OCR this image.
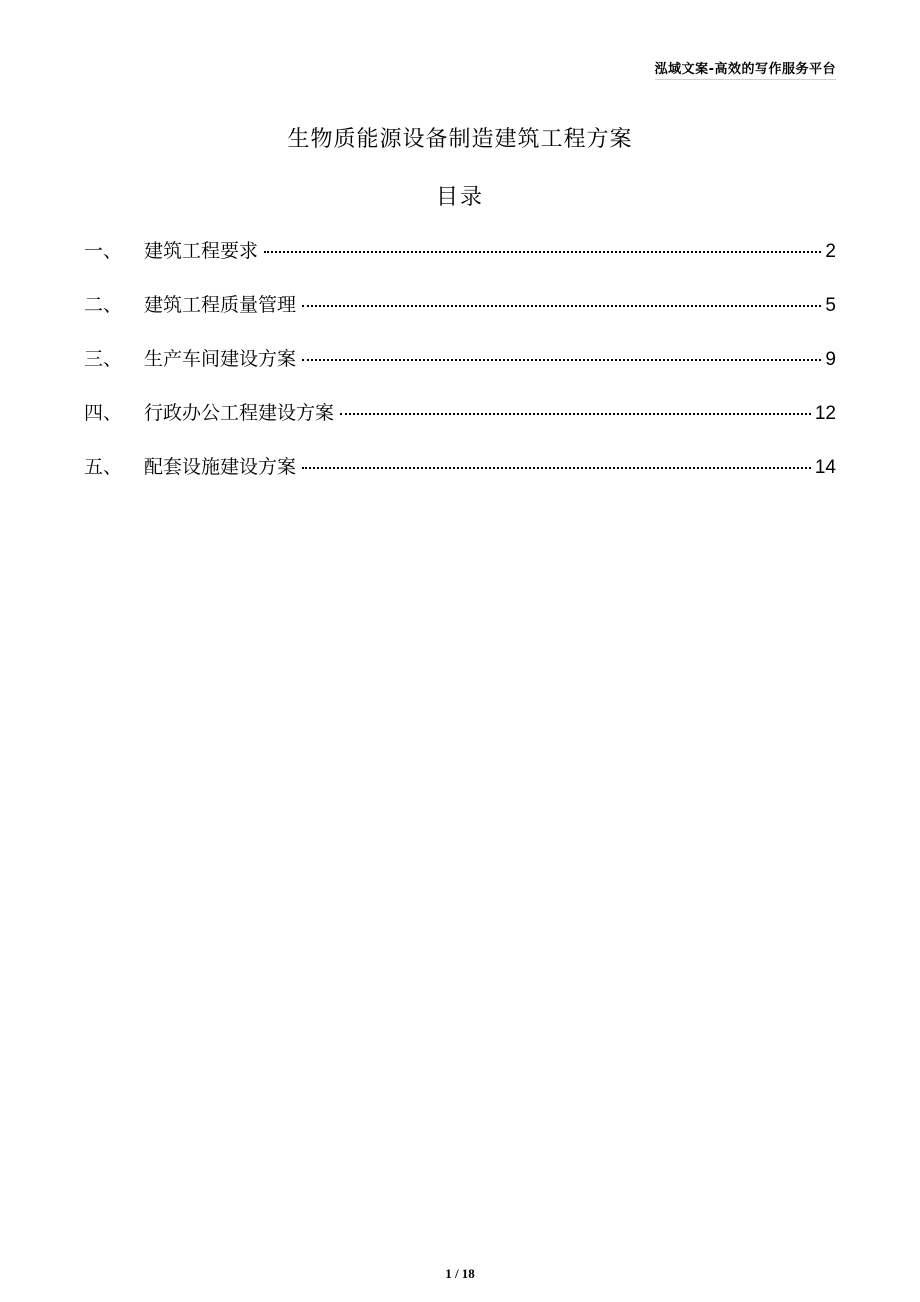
泓域文案-高效的写作服务平台
生物质能源设备制造建筑工程方案
目录
一、	建筑工程要求	2
二、	建筑工程质量管理	5
三、	生产车间建设方案	9
四、	行政办公工程建设方案	12
五、	配套设施建设方案	14
1 / 18
